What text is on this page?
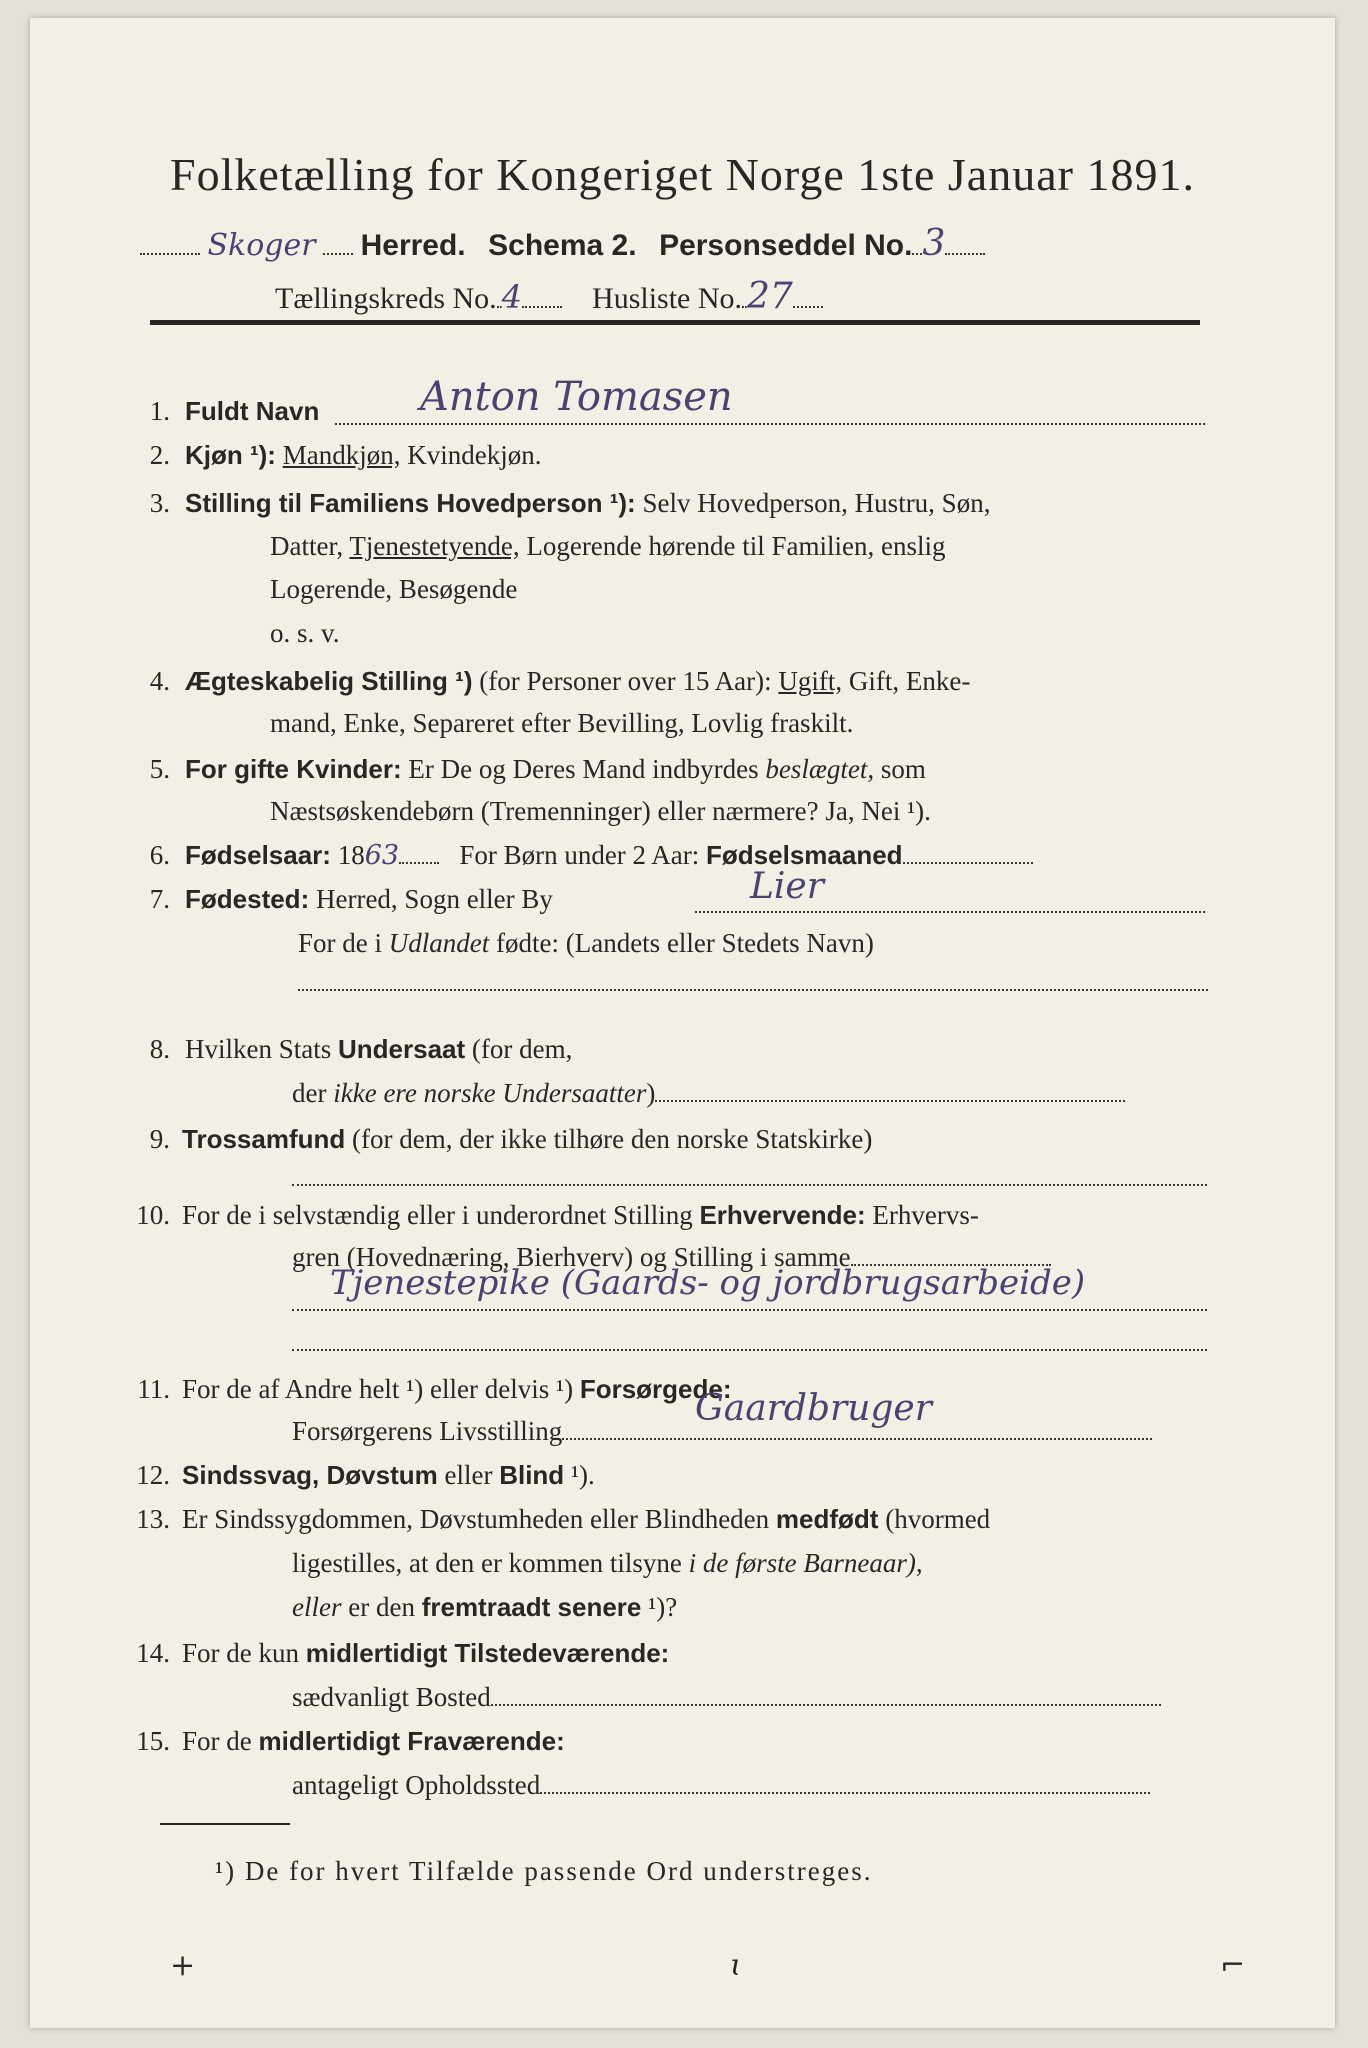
Folketælling for Kongeriget Norge 1ste Januar 1891.
Skoger Herred. Schema 2. Personseddel No. 3
Tællingskreds No. 4 Husliste No. 27
1. Fuldt Navn	Anton Tomasen
2. Kjøn ¹): Mandkjøn, Kvindekjøn.
3. Stilling til Familiens Hovedperson ¹): Selv Hovedperson, Hustru, Søn,
Datter, Tjenestetyende, Logerende hørende til Familien, enslig
Logerende, Besøgende
o. s. v.
4. Ægteskabelig Stilling ¹) (for Personer over 15 Aar): Ugift, Gift, Enke-
mand, Enke, Separeret efter Bevilling, Lovlig fraskilt.
5. For gifte Kvinder: Er De og Deres Mand indbyrdes beslægtet, som
Næstsøskendebørn (Tremenninger) eller nærmere? Ja, Nei ¹).
6. Fødselsaar: 1863 For Børn under 2 Aar: Fødselsmaaned
7. Fødested: Herred, Sogn eller By	Lier
For de i Udlandet fødte: (Landets eller Stedets Navn)
8. Hvilken Stats Undersaat (for dem,
der ikke ere norske Undersaatter)
9. Trossamfund (for dem, der ikke tilhøre den norske Statskirke)
10. For de i selvstændig eller i underordnet Stilling Erhvervende: Erhvervs-
gren (Hovednæring, Bierhverv) og Stilling i samme
Tjenestepike (Gaards- og jordbrugsarbeide)
11. For de af Andre helt ¹) eller delvis ¹) Forsørgede:
Forsørgerens Livsstilling
Gaardbruger
12. Sindssvag, Døvstum eller Blind ¹).
13. Er Sindssygdommen, Døvstumheden eller Blindheden medfødt (hvormed
ligestilles, at den er kommen tilsyne i de første Barneaar),
eller er den fremtraadt senere ¹)?
14. For de kun midlertidigt Tilstedeværende:
sædvanligt Bosted
15. For de midlertidigt Fraværende:
antageligt Opholdssted
¹) De for hvert Tilfælde passende Ord understreges.
+	ɩ	⌐
